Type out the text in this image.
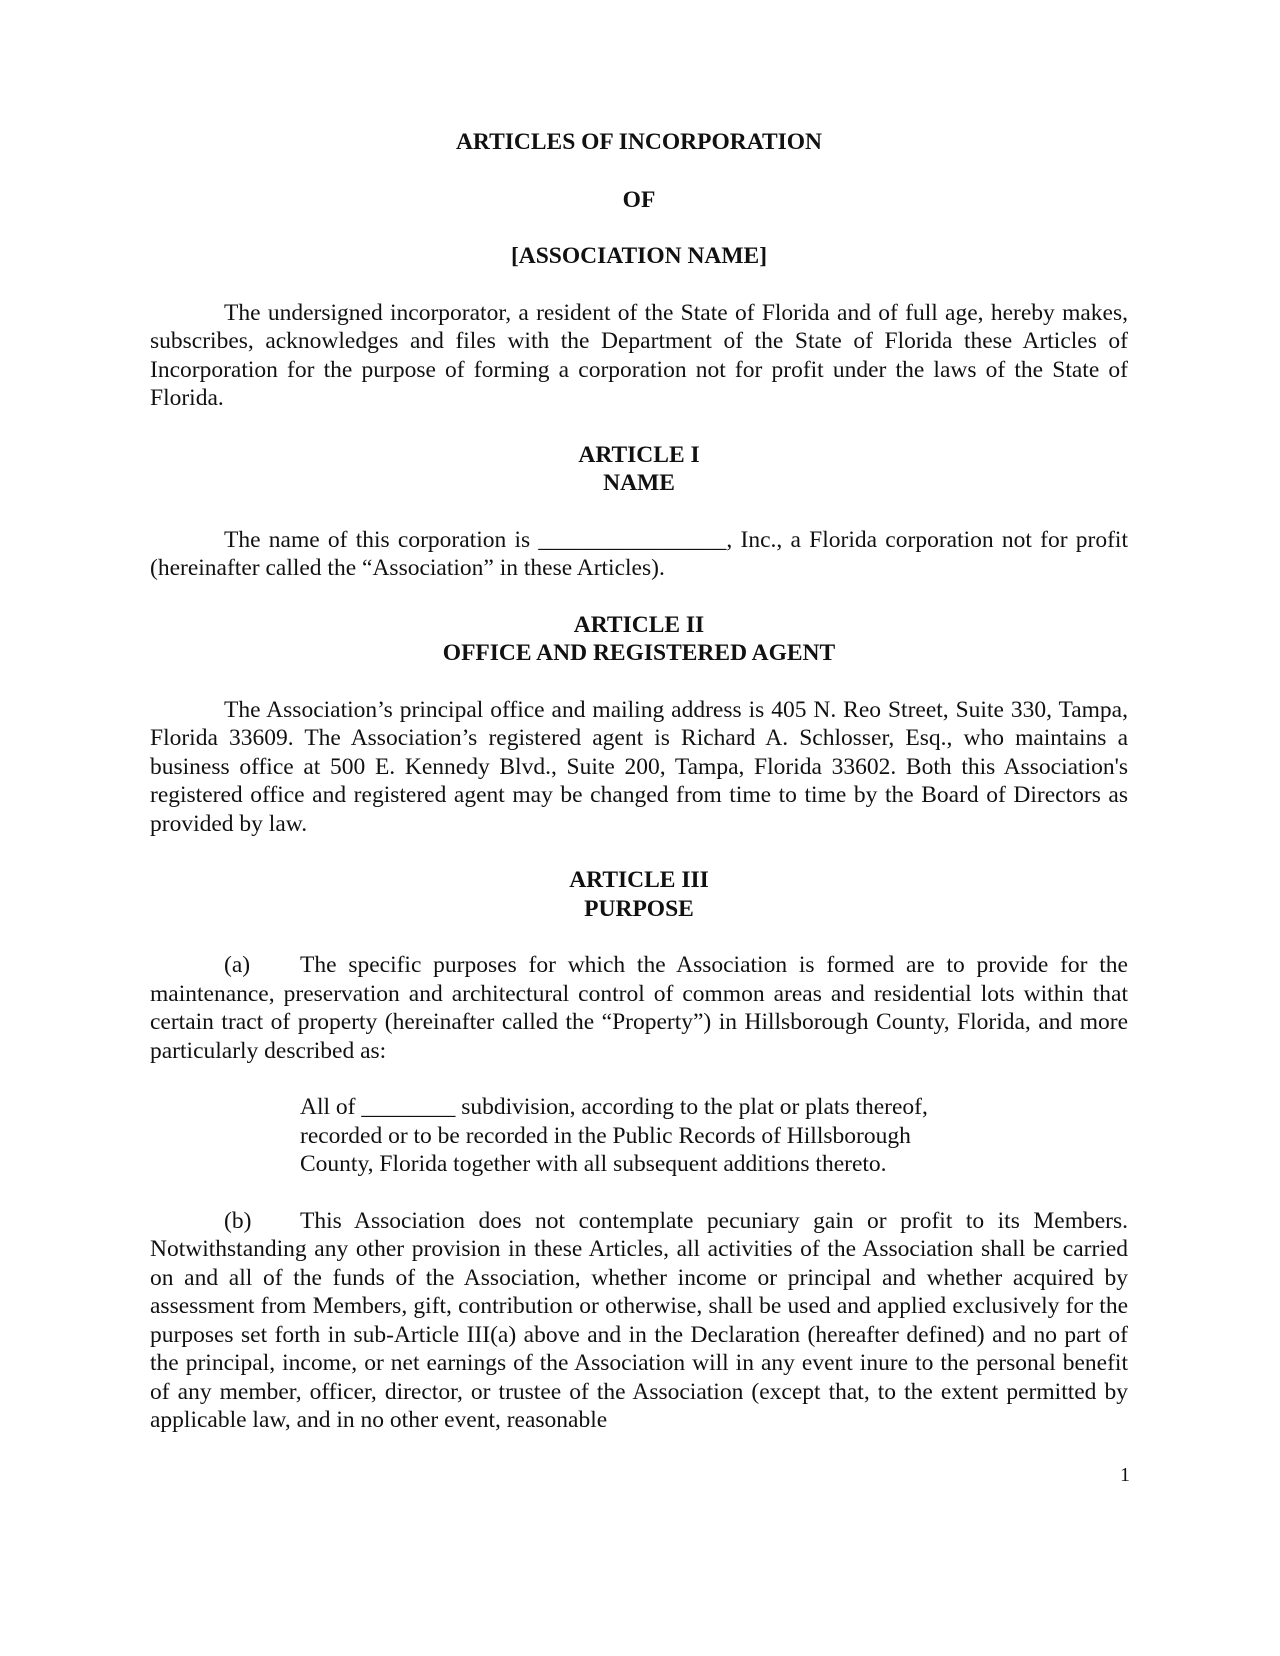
ARTICLES OF INCORPORATION

OF

[ASSOCIATION NAME]

The undersigned incorporator, a resident of the State of Florida and of full age, hereby makes, subscribes, acknowledges and files with the Department of the State of Florida these Articles of Incorporation for the purpose of forming a corporation not for profit under the laws of the State of Florida.

ARTICLE I
NAME

The name of this corporation is ________________, Inc., a Florida corporation not for profit (hereinafter called the “Association” in these Articles).

ARTICLE II
OFFICE AND REGISTERED AGENT

The Association’s principal office and mailing address is 405 N. Reo Street, Suite 330, Tampa, Florida 33609. The Association’s registered agent is Richard A. Schlosser, Esq., who maintains a business office at 500 E. Kennedy Blvd., Suite 200, Tampa, Florida 33602. Both this Association's registered office and registered agent may be changed from time to time by the Board of Directors as provided by law.

ARTICLE III
PURPOSE

(a) The specific purposes for which the Association is formed are to provide for the maintenance, preservation and architectural control of common areas and residential lots within that certain tract of property (hereinafter called the “Property”) in Hillsborough County, Florida, and more particularly described as:

All of ________ subdivision, according to the plat or plats thereof, recorded or to be recorded in the Public Records of Hillsborough County, Florida together with all subsequent additions thereto.

(b) This Association does not contemplate pecuniary gain or profit to its Members. Notwithstanding any other provision in these Articles, all activities of the Association shall be carried on and all of the funds of the Association, whether income or principal and whether acquired by assessment from Members, gift, contribution or otherwise, shall be used and applied exclusively for the purposes set forth in sub-Article III(a) above and in the Declaration (hereafter defined) and no part of the principal, income, or net earnings of the Association will in any event inure to the personal benefit of any member, officer, director, or trustee of the Association (except that, to the extent permitted by applicable law, and in no other event, reasonable

1
